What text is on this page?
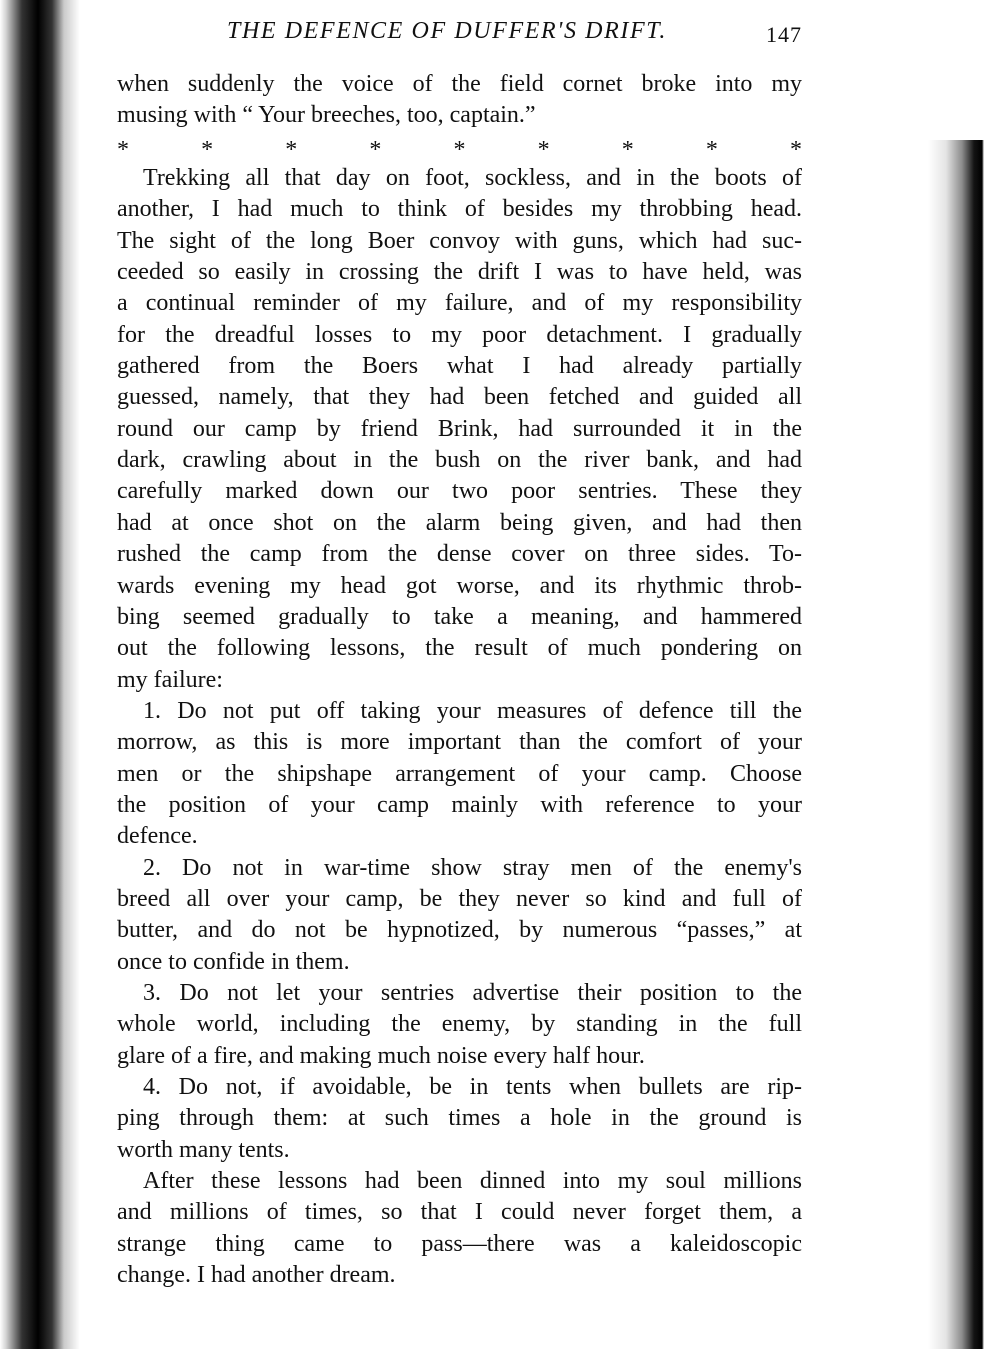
THE DEFENCE OF DUFFER'S DRIFT.	147
when suddenly the voice of the field cornet broke into my
musing with “ Your breeches, too, captain.”
*	*	*	*	*	*	*	*	*
Trekking all that day on foot, sockless, and in the boots of
another, I had much to think of besides my throbbing head.
The sight of the long Boer convoy with guns, which had suc-
ceeded so easily in crossing the drift I was to have held, was
a continual reminder of my failure, and of my responsibility
for the dreadful losses to my poor detachment. I gradually
gathered from the Boers what I had already partially
guessed, namely, that they had been fetched and guided all
round our camp by friend Brink, had surrounded it in the
dark, crawling about in the bush on the river bank, and had
carefully marked down our two poor sentries. These they
had at once shot on the alarm being given, and had then
rushed the camp from the dense cover on three sides. To-
wards evening my head got worse, and its rhythmic throb-
bing seemed gradually to take a meaning, and hammered
out the following lessons, the result of much pondering on
my failure:
1. Do not put off taking your measures of defence till the
morrow, as this is more important than the comfort of your
men or the shipshape arrangement of your camp. Choose
the position of your camp mainly with reference to your
defence.
2. Do not in war-time show stray men of the enemy's
breed all over your camp, be they never so kind and full of
butter, and do not be hypnotized, by numerous “passes,” at
once to confide in them.
3. Do not let your sentries advertise their position to the
whole world, including the enemy, by standing in the full
glare of a fire, and making much noise every half hour.
4. Do not, if avoidable, be in tents when bullets are rip-
ping through them: at such times a hole in the ground is
worth many tents.
After these lessons had been dinned into my soul millions
and millions of times, so that I could never forget them, a
strange thing came to pass—there was a kaleidoscopic
change. I had another dream.
